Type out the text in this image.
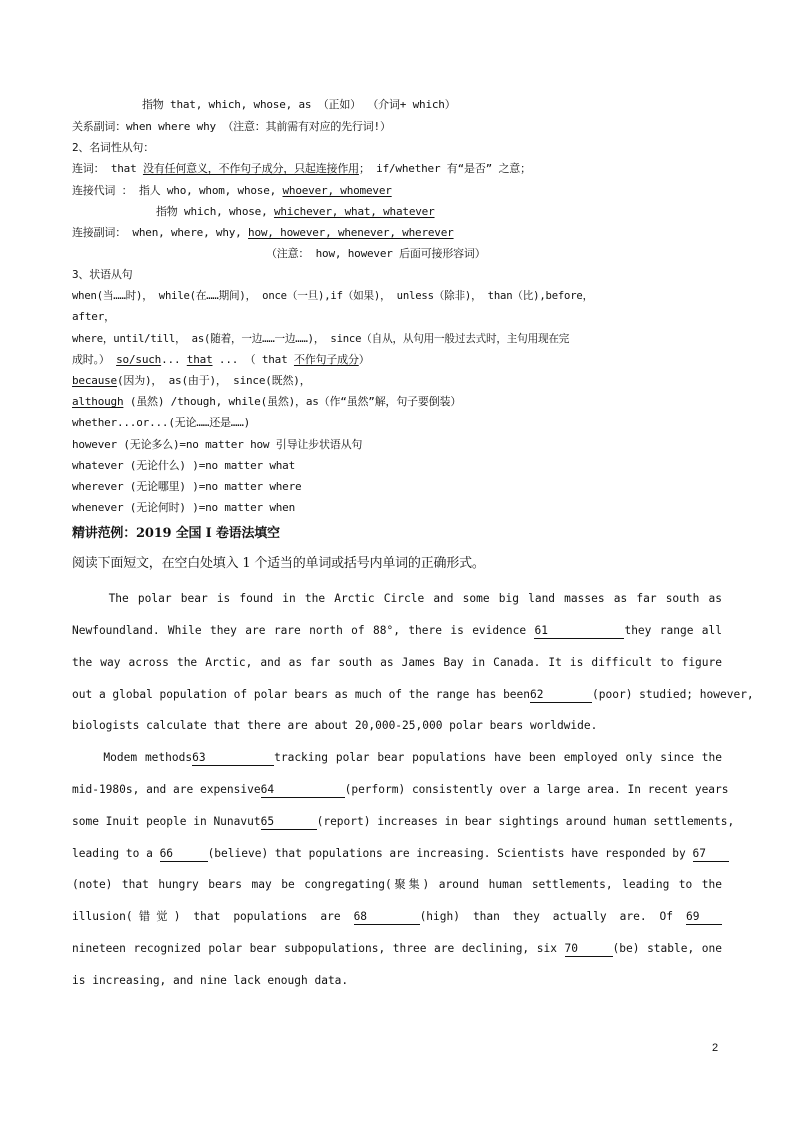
指物 that, which, whose, as （正如） （介词+ which）
关系副词：when where why （注意：其前需有对应的先行词!）
2、名词性从句：
连词： that 没有任何意义，不作句子成分，只起连接作用； if/whether 有“是否” 之意；
连接代词 ： 指人 who, whom, whose, whoever, whomever
指物 which, whose, whichever, what, whatever
连接副词： when, where, why, how, however, whenever, wherever
（注意： how, however 后面可接形容词）
3、状语从句
when(当……时)， while(在……期间)， once（一旦),if（如果)， unless（除非)， than（比),before，
after，
where，until/till， as(随着，一边……一边……)， since（自从，从句用一般过去式时，主句用现在完
成时。） so/such... that ... （ that 不作句子成分）
because(因为)， as(由于)， since(既然)，
although (虽然) /though, while(虽然)，as（作“虽然”解，句子要倒装）
whether...or...(无论……还是……)
however (无论多么)=no matter how 引导让步状语从句
whatever (无论什么) )=no matter what
wherever (无论哪里) )=no matter where
whenever (无论何时) )=no matter when
精讲范例：2019 全国 I 卷语法填空
阅读下面短文，在空白处填入 1 个适当的单词或括号内单词的正确形式。
The polar bear is found in the Arctic Circle and some big land masses as far south as
Newfoundland. While they are rare north of 88°, there is evidence 61	they range all
the way across the Arctic, and as far south as James Bay in Canada. It is difficult to figure
out a global population of polar bears as much of the range has been62	(poor) studied; however,
biologists calculate that there are about 20,000-25,000 polar bears worldwide.
Modem methods63	tracking polar bear populations have been employed only since the
mid-1980s, and are expensive64	(perform) consistently over a large area. In recent years
some Inuit people in Nunavut65	(report) increases in bear sightings around human settlements,
leading to a 66	(believe) that populations are increasing. Scientists have responded by 67
(note) that hungry bears may be congregating(聚集) around human settlements, leading to the
illusion(错觉) that populations are 68	(high) than they actually are. Of 69
nineteen recognized polar bear subpopulations, three are declining, six 70	(be) stable, one
is increasing, and nine lack enough data.
2
